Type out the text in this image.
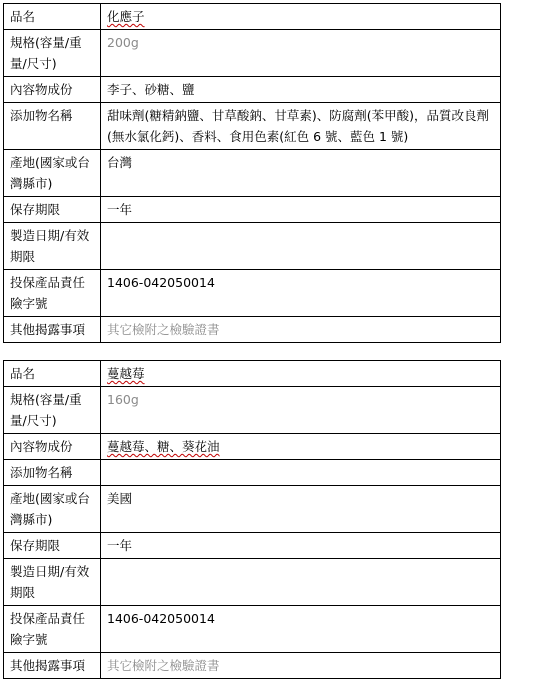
品名	化應子
規格(容量/重量/尺寸)	200g
內容物成份	李子、砂糖、鹽
添加物名稱	甜味劑(糖精鈉鹽、甘草酸鈉、甘草素)、防腐劑(苯甲酸)，品質改良劑(無水氯化鈣)、香料、食用色素(紅色 6 號、藍色 1 號)
產地(國家或台灣縣市)	台灣
保存期限	一年
製造日期/有效期限	
投保產品責任險字號	1406-042050014
其他揭露事項	其它檢附之檢驗證書
品名	蔓越莓
規格(容量/重量/尺寸)	160g
內容物成份	蔓越莓、糖、葵花油
添加物名稱	
產地(國家或台灣縣市)	美國
保存期限	一年
製造日期/有效期限	
投保產品責任險字號	1406-042050014
其他揭露事項	其它檢附之檢驗證書
